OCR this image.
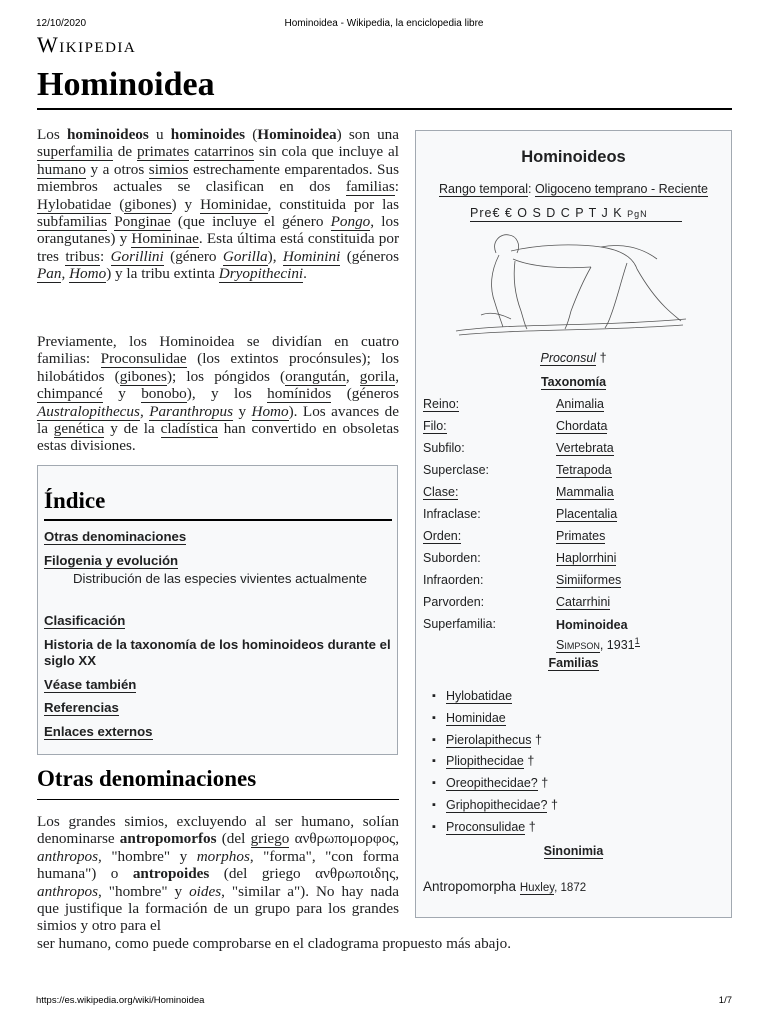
12/10/2020	Hominoidea - Wikipedia, la enciclopedia libre
Wikipedia
Hominoidea
Los hominoideos u hominoides (Hominoidea) son una superfamilia de primates catarrinos sin cola que incluye al humano y a otros simios estrechamente emparentados. Sus miembros actuales se clasifican en dos familias: Hylobatidae (gibones) y Hominidae, constituida por las subfamilias Ponginae (que incluye el género Pongo, los orangutanes) y Homininae. Esta última está constituida por tres tribus: Gorillini (género Gorilla), Hominini (géneros Pan, Homo) y la tribu extinta Dryopithecini.
Previamente, los Hominoidea se dividían en cuatro familias: Proconsulidae (los extintos procónsules); los hilobátidos (gibones); los póngidos (orangután, gorila, chimpancé y bonobo), y los homínidos (géneros Australopithecus, Paranthropus y Homo). Los avances de la genética y de la cladística han convertido en obsoletas estas divisiones.
Índice
Otras denominaciones
Filogenia y evolución
Distribución de las especies vivientes actualmente
Clasificación
Historia de la taxonomía de los hominoideos durante el siglo XX
Véase también
Referencias
Enlaces externos
Otras denominaciones
Los grandes simios, excluyendo al ser humano, solían denominarse antropomorfos (del griego ανθρωπομορφος, anthropos, "hombre" y morphos, "forma", "con forma humana") o antropoides (del griego ανθρωποιδης, anthropos, "hombre" y oides, "similar a"). No hay nada que justifique la formación de un grupo para los grandes simios y otro para el
ser humano, como puede comprobarse en el cladograma propuesto más abajo.
Hominoideos
Rango temporal: Oligoceno temprano - Reciente
Pre€ € O S D C P T J K PgN
Proconsul †
Taxonomía
Reino:	Animalia
Filo:	Chordata
Subfilo:	Vertebrata
Superclase:	Tetrapoda
Clase:	Mammalia
Infraclase:	Placentalia
Orden:	Primates
Suborden:	Haplorrhini
Infraorden:	Simiiformes
Parvorden:	Catarrhini
Superfamilia:	Hominoidea
Simpson, 1931$^1$
Familias
▪ Hylobatidae
▪ Hominidae
▪ Pierolapithecus †
▪ Pliopithecidae †
▪ Oreopithecidae? †
▪ Griphopithecidae? †
▪ Proconsulidae †
Sinonimia
Antropomorpha Huxley, 1872
https://es.wikipedia.org/wiki/Hominoidea	1/7
